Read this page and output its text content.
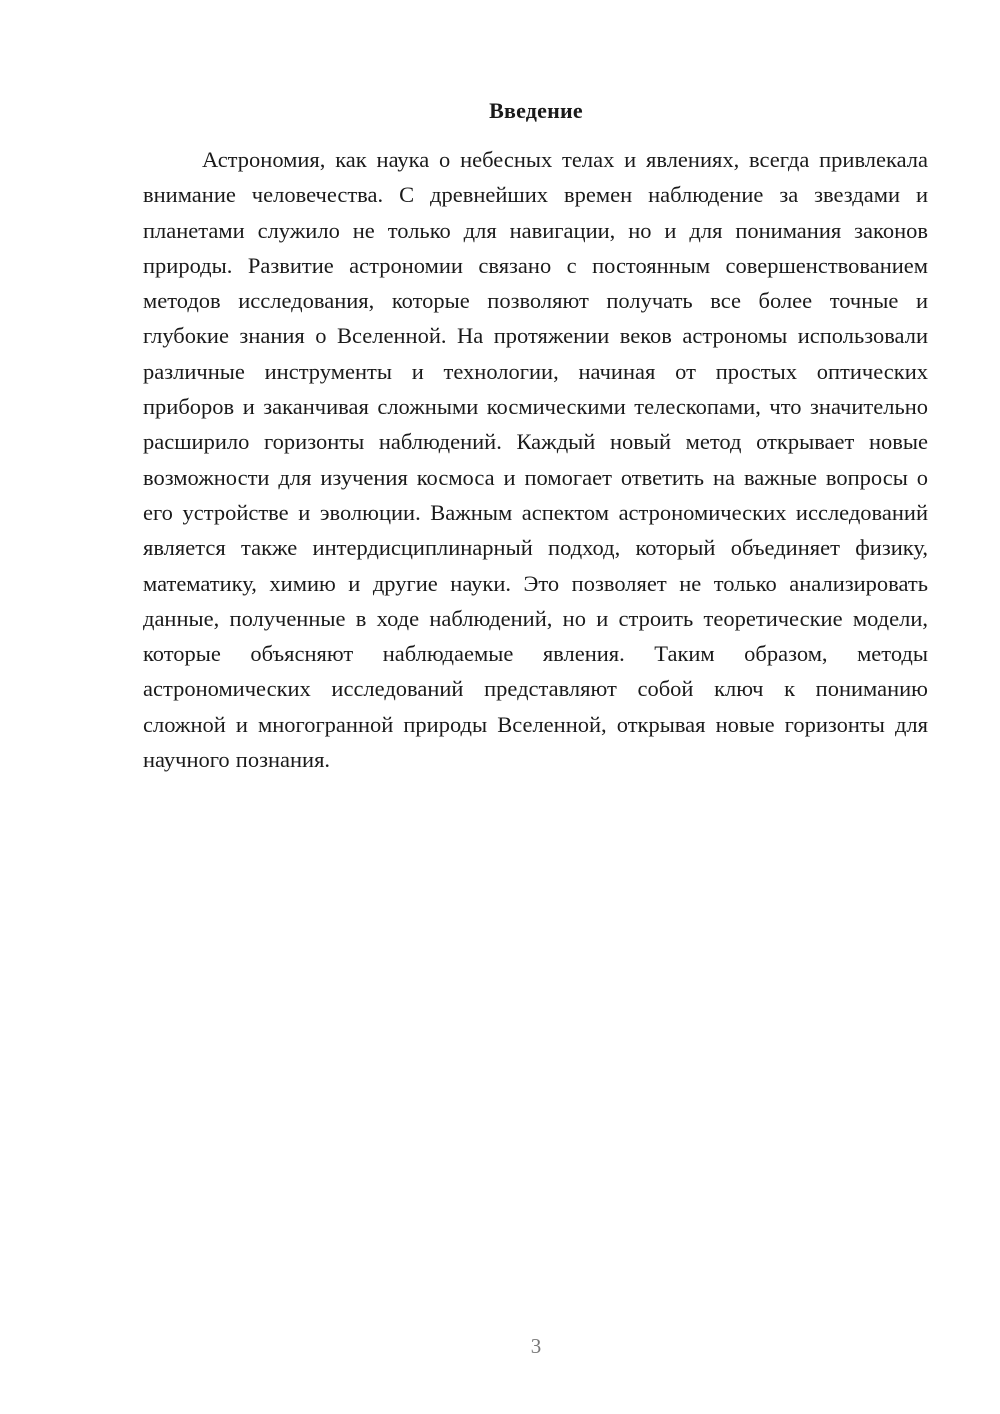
Введение

Астрономия, как наука о небесных телах и явлениях, всегда привлекала внимание человечества. С древнейших времен наблюдение за звездами и планетами служило не только для навигации, но и для понимания законов природы. Развитие астрономии связано с постоянным совершенствованием методов исследования, которые позволяют получать все более точные и глубокие знания о Вселенной. На протяжении веков астрономы использовали различные инструменты и технологии, начиная от простых оптических приборов и заканчивая сложными космическими телескопами, что значительно расширило горизонты наблюдений. Каждый новый метод открывает новые возможности для изучения космоса и помогает ответить на важные вопросы о его устройстве и эволюции. Важным аспектом астрономических исследований является также интердисциплинарный подход, который объединяет физику, математику, химию и другие науки. Это позволяет не только анализировать данные, полученные в ходе наблюдений, но и строить теоретические модели, которые объясняют наблюдаемые явления. Таким образом, методы астрономических исследований представляют собой ключ к пониманию сложной и многогранной природы Вселенной, открывая новые горизонты для научного познания.

3
